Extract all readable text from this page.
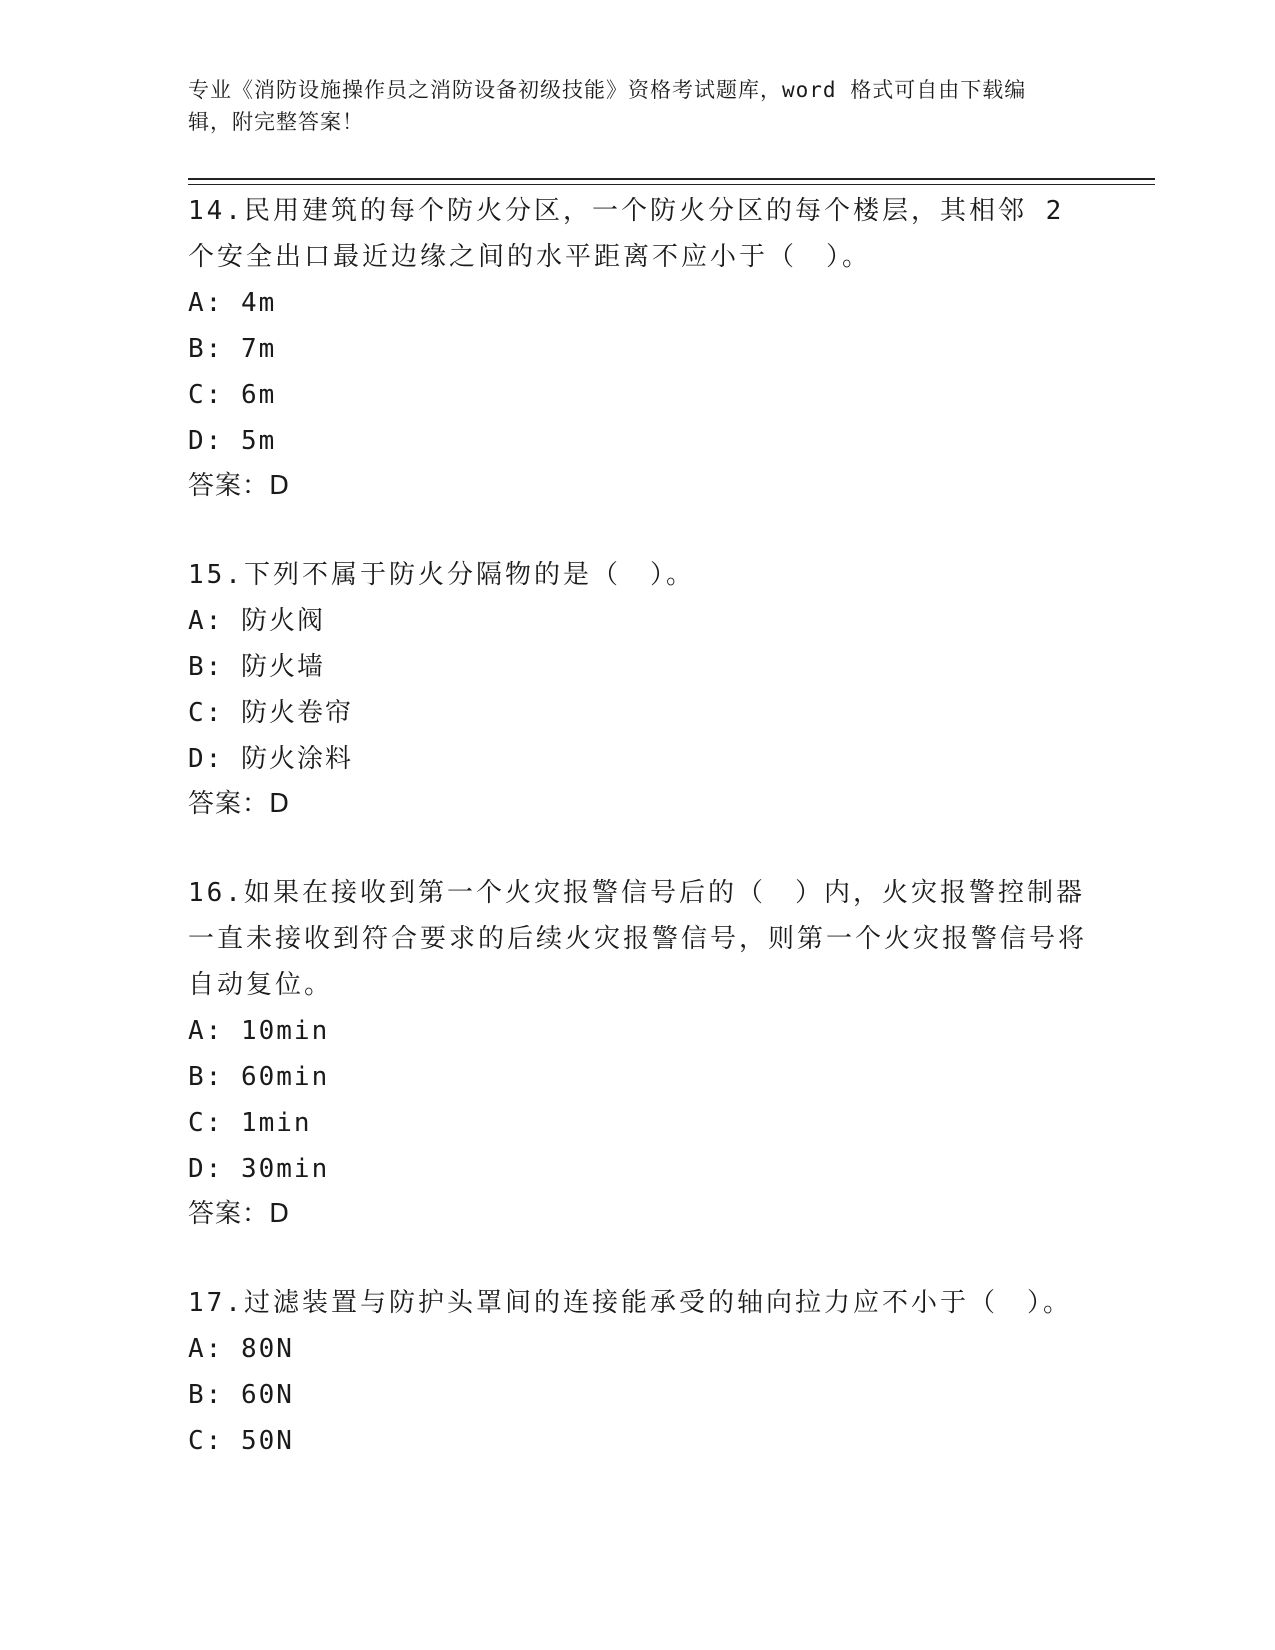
专业《消防设施操作员之消防设备初级技能》资格考试题库，word 格式可自由下载编辑，附完整答案！

14.民用建筑的每个防火分区，一个防火分区的每个楼层，其相邻 2 个安全出口最近边缘之间的水平距离不应小于（　）。

A: 4m

B: 7m

C: 6m

D: 5m

答案：D

15.下列不属于防火分隔物的是（　）。

A: 防火阀

B: 防火墙

C: 防火卷帘

D: 防火涂料

答案：D

16.如果在接收到第一个火灾报警信号后的（　）内，火灾报警控制器一直未接收到符合要求的后续火灾报警信号，则第一个火灾报警信号将自动复位。

A: 10min

B: 60min

C: 1min

D: 30min

答案：D

17.过滤装置与防护头罩间的连接能承受的轴向拉力应不小于（　）。

A: 80N

B: 60N

C: 50N
